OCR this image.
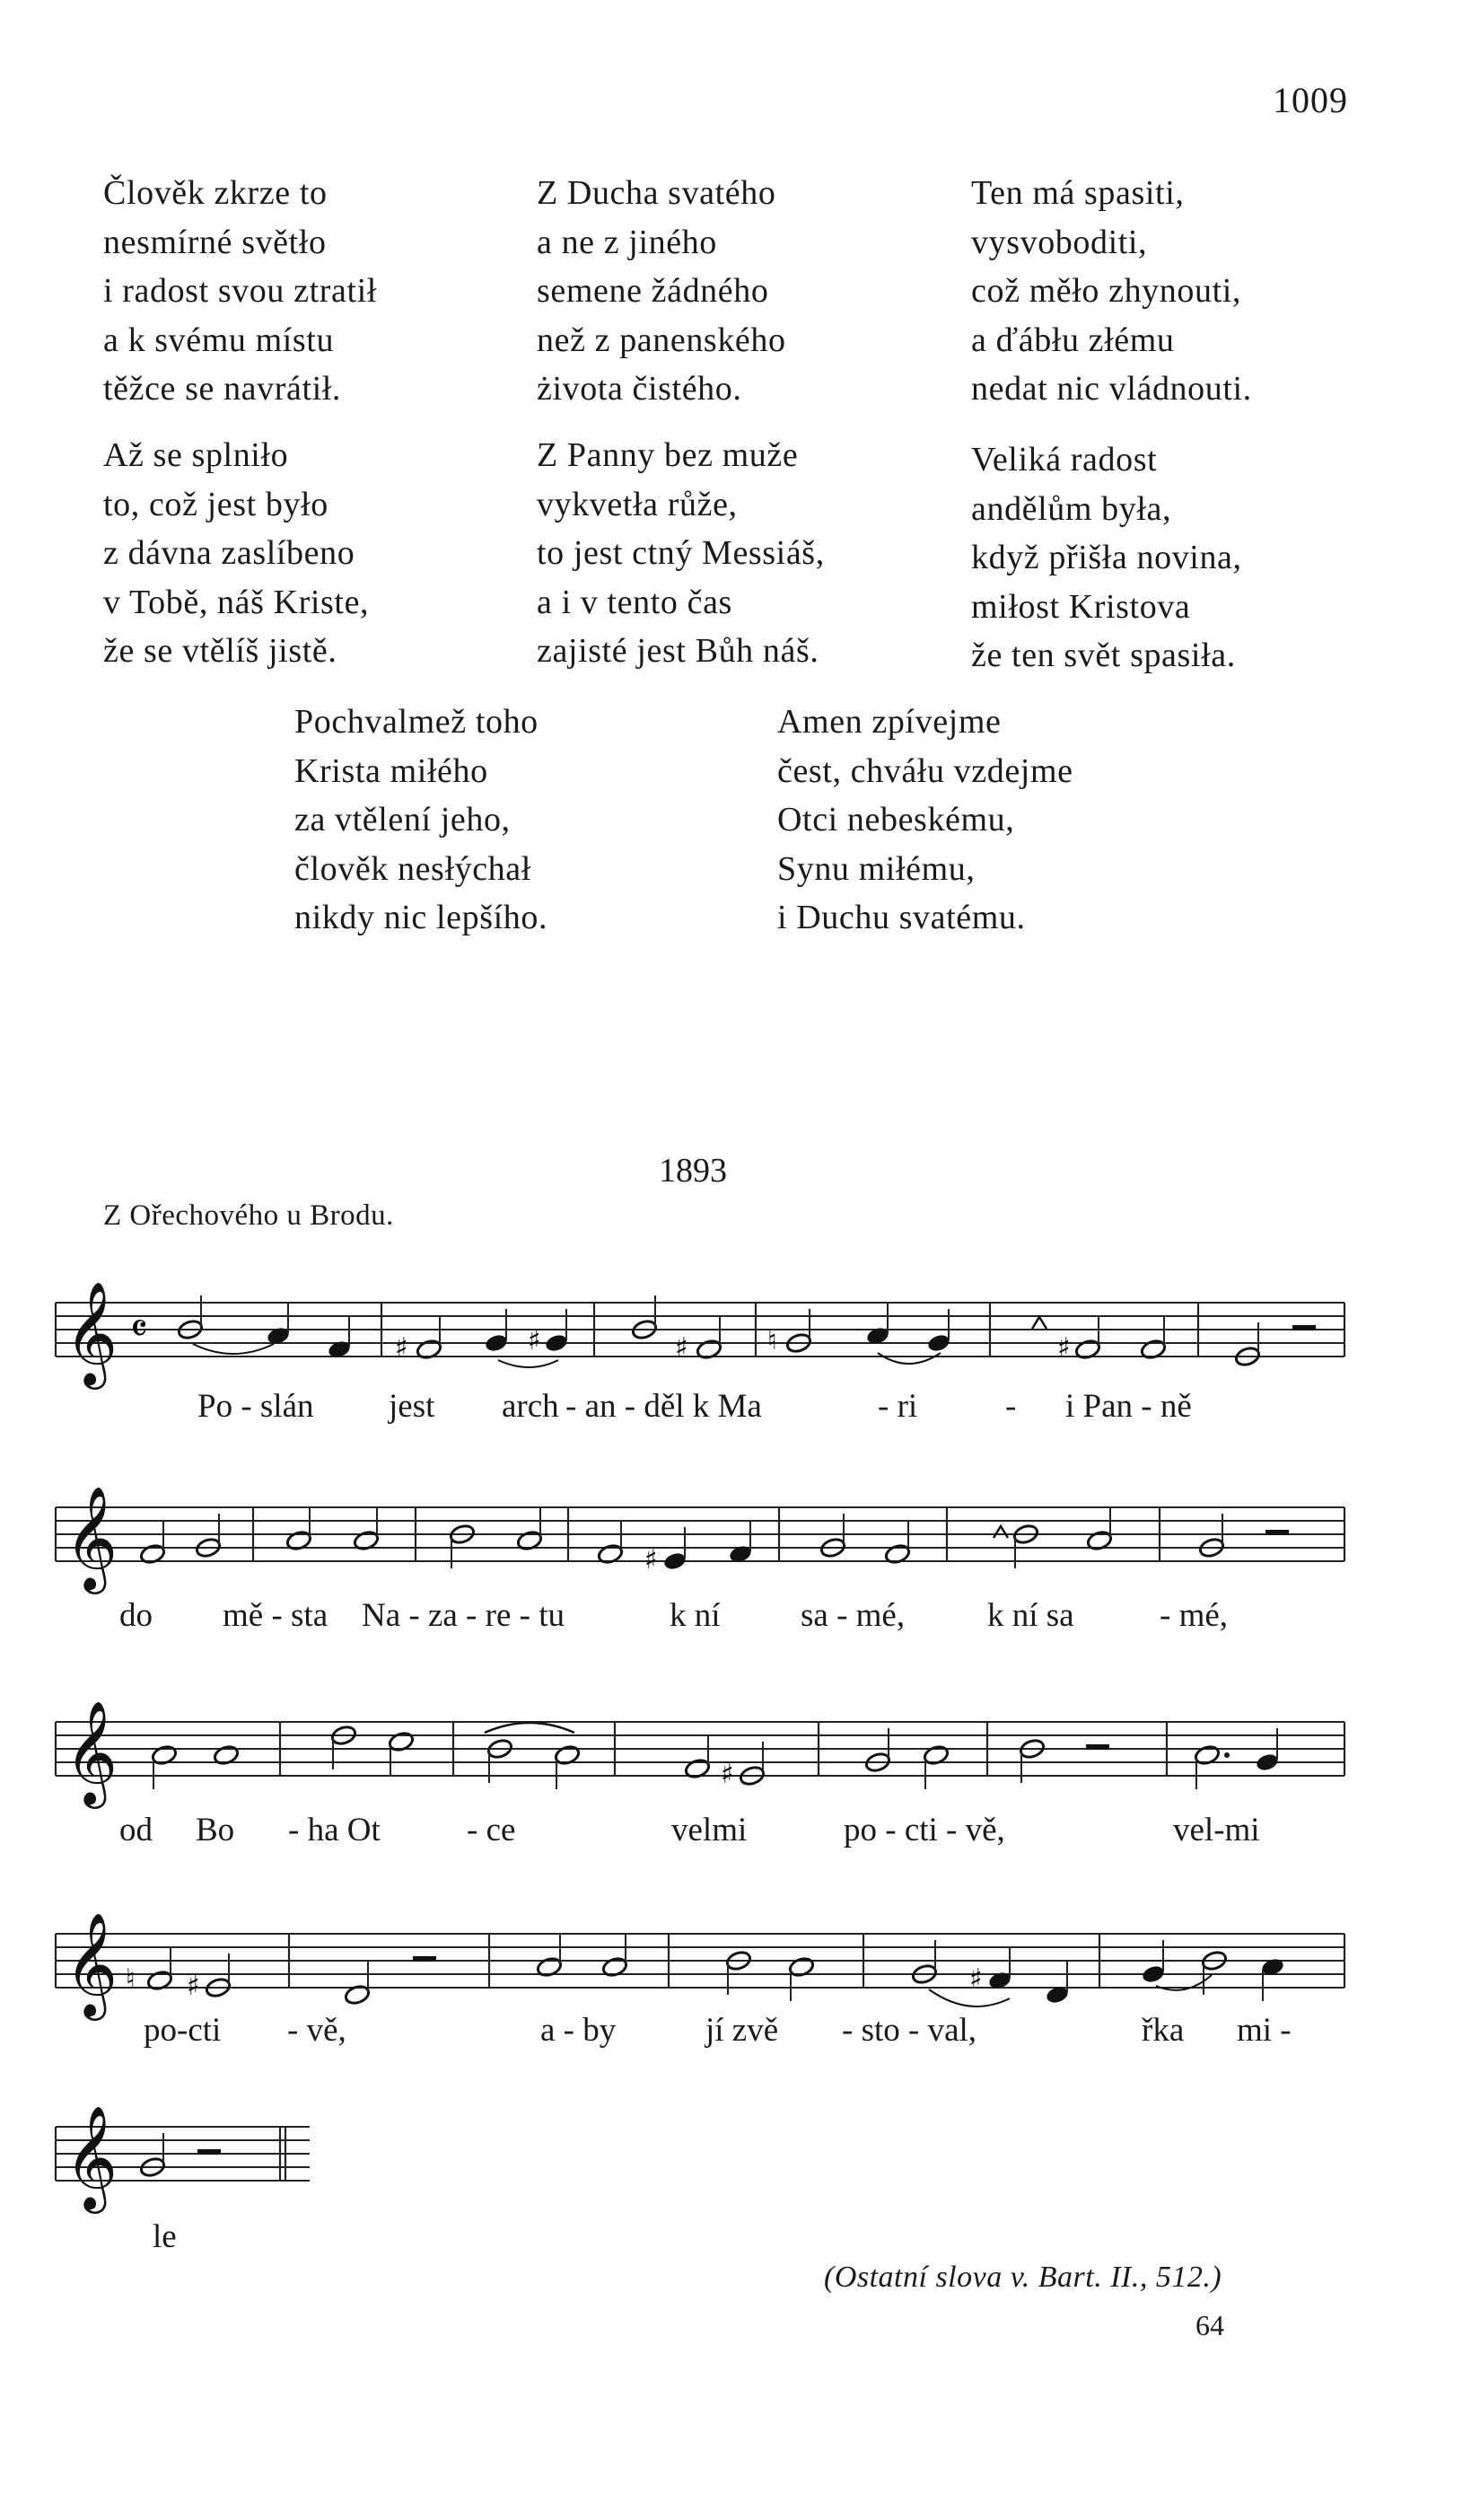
1009
Člověk zkrze to
nesmírné světło
i radost svou ztratił
a k svému místu
těžce se navrátił.
Až se splniło
to, což jest było
z dávna zaslíbeno
v Tobě, náš Kriste,
že se vtělíš jistě.
Z Ducha svatého
a ne z jiného
semene žádného
než z panenského
żivota čistého.
Z Panny bez muže
vykvetła růže,
to jest ctný Messiáš,
a i v tento čas
zajisté jest Bůh náš.
Ten má spasiti,
vysvoboditi,
což měło zhynouti,
a ďábłu złému
nedat nic vládnouti.
Veliká radost
andělům była,
když přišła novina,
miłost Kristova
že ten svět spasiła.
Pochvalmež toho
Krista miłého
za vtělení jeho,
člověk nesłýchał
nikdy nic lepšího.
Amen zpívejme
čest, chváłu vzdejme
Otci nebeskému,
Synu miłému,
i Duchu svatému.
1893
Z Ořechového u Brodu.
𝄞 𝄴	♯	♯	♯	♮	♯
Po - slán jest arch - an - děl k Ma	- ri	- i Pan - ně
𝄞	♯
do mě - sta Na - za - re - tu	k ní sa - mé, k ní sa	- mé,
𝄞	♯
od Bo - ha Ot	- ce	velmi	po - cti - vě,	vel-mi
𝄞 ♮ ♯	♯
po-cti - vě,	a - by	jí zvě - sto - val,	řka mi -
𝄞
le
(Ostatní slova v. Bart. II., 512.)
64
